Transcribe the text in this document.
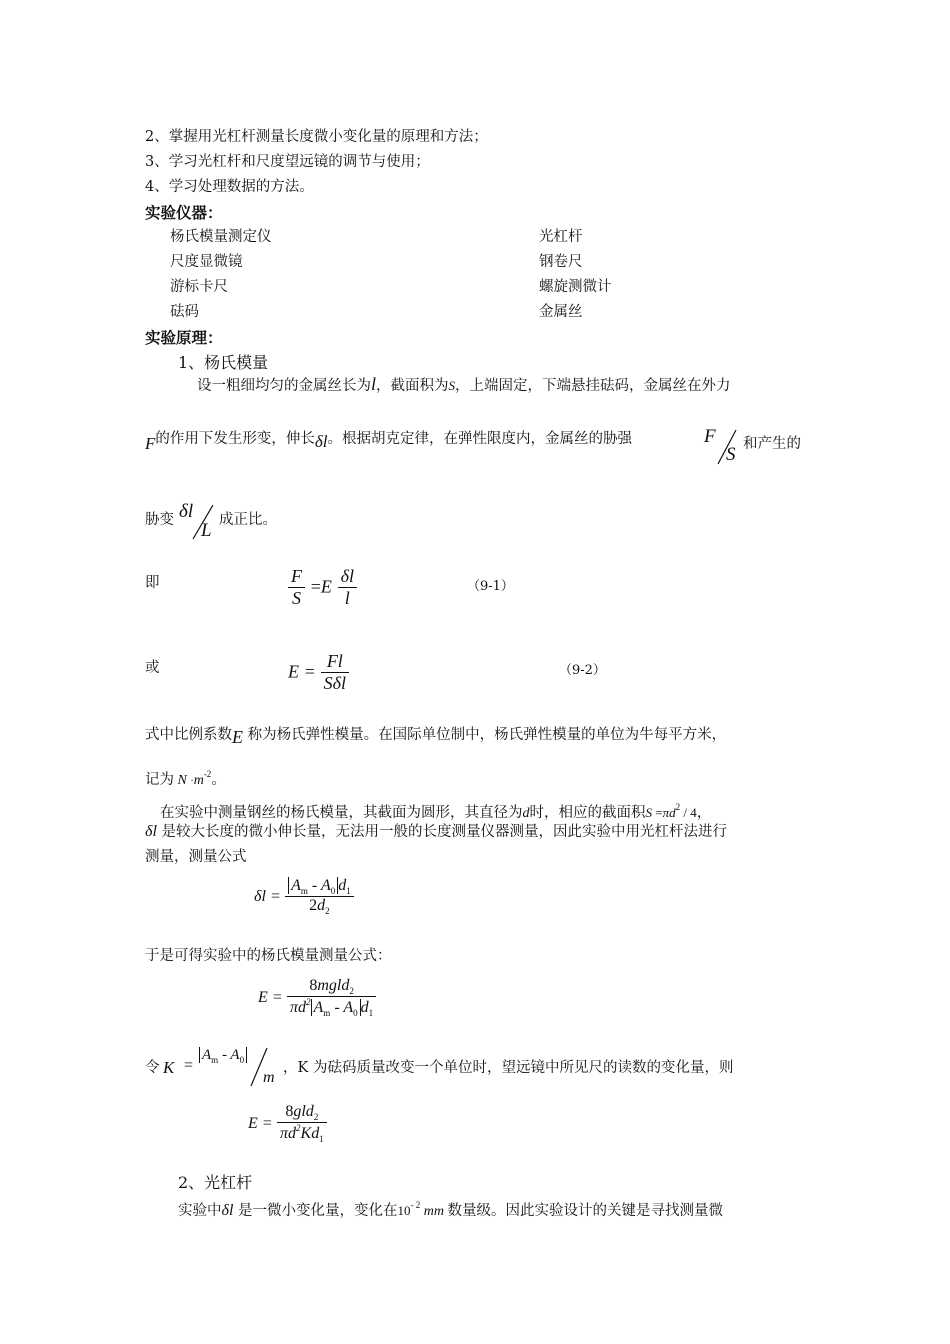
2、掌握用光杠杆测量长度微小变化量的原理和方法；
3、学习光杠杆和尺度望远镜的调节与使用；
4、学习处理数据的方法。
实验仪器：
杨氏模量测定仪	光杠杆
尺度显微镜	钢卷尺
游标卡尺	螺旋测微计
砝码	金属丝
实验原理：
1、杨氏模量
设一粗细均匀的金属丝长为l，截面积为S，上端固定，下端悬挂砝码，金属丝在外力
F的作用下发生形变，伸长δl。根据胡克定律，在弹性限度内，金属丝的胁强	F
S 和产生的
胁变 δl
L 成正比。
即	$\frac{F}{S} =E \frac{\delta l}{l}$	（9-1）
或	$E = \frac{Fl}{\text{Sδl}}$	（9-2）
式中比例系数E 称为杨氏弹性模量。在国际单位制中，杨氏弹性模量的单位为牛每平方米，
记为 $N \cdot m^{-2}$。
在实验中测量钢丝的杨氏模量，其截面为圆形，其直径为d时，相应的截面积$S =\pi d^2 / 4$，
δl 是较大长度的微小伸长量，无法用一般的长度测量仪器测量，因此实验中用光杠杆法进行
测量，测量公式
$\delta l = \frac{A_m - A_0 d_1}{2d_2}$
于是可得实验中的杨氏模量测量公式：
$E = \frac{8mgld_2}{\pi d^2 A_m - A_0 d_1}$
令 K =
$A_m - A_0$
m
，K 为砝码质量改变一个单位时，望远镜中所见尺的读数的变化量，则
$E = \frac{8gld_2}{\pi d^2Kd_1}$
2、光杠杆
实验中δl 是一微小变化量，变化在$10^{- 2}$ mm 数量级。因此实验设计的关键是寻找测量微
